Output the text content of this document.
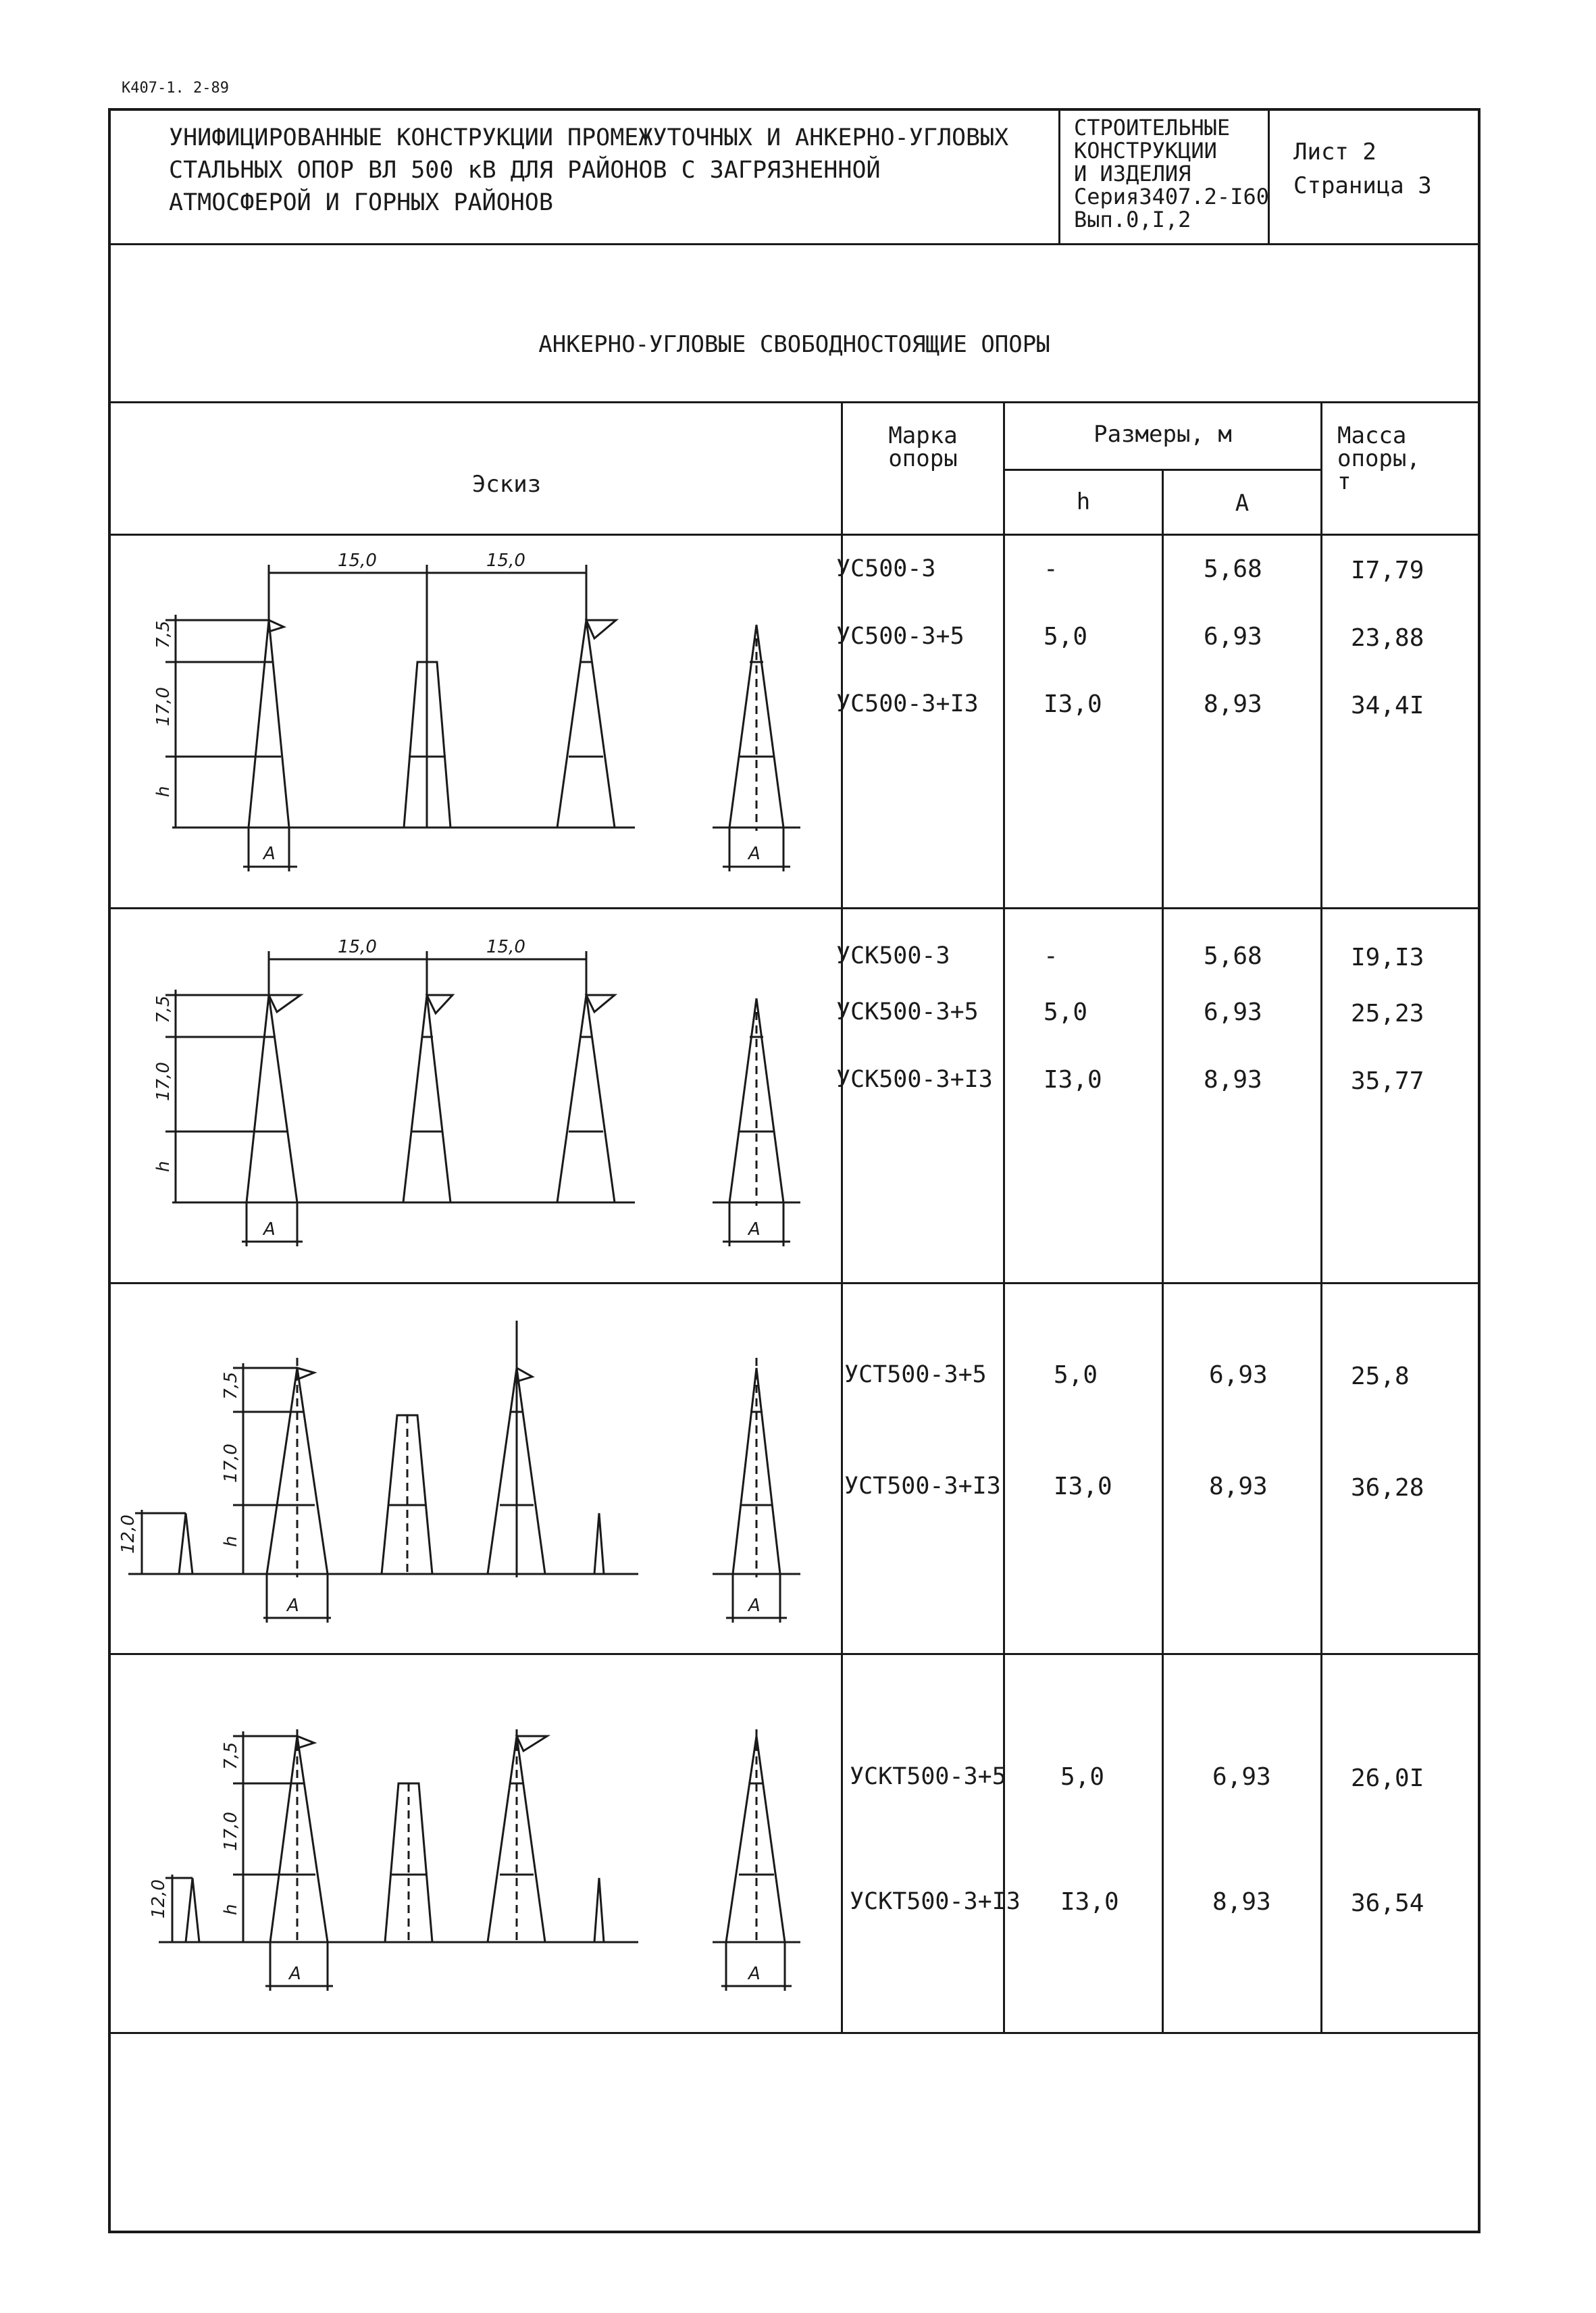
К407-1. 2-89
УНИФИЦИРОВАННЫЕ КОНСТРУКЦИИ ПРОМЕЖУТОЧНЫХ И АНКЕРНО-УГЛОВЫХ
СТАЛЬНЫХ ОПОР ВЛ 500 кВ ДЛЯ РАЙОНОВ С ЗАГРЯЗНЕННОЙ
АТМОСФЕРОЙ И ГОРНЫХ РАЙОНОВ
СТРОИТЕЛЬНЫЕ
КОНСТРУКЦИИ
И ИЗДЕЛИЯ
Серия3407.2-I60
Вып.0,I,2
Лист 2
Страница 3
АНКЕРНО-УГЛОВЫЕ СВОБОДНОСТОЯЩИЕ ОПОРЫ
Эскиз
Марка
опоры
Размеры, м
h	А
Масса
опоры,
т
УС500-3	-	5,68	I7,79
УС500-3+5	5,0	6,93	23,88
УС500-3+I3	I3,0	8,93	34,4I
УСК500-3	-	5,68	I9,I3
УСК500-3+5	5,0	6,93	25,23
УСК500-3+I3 I3,0	8,93	35,77
УСТ500-3+5	5,0	6,93	25,8
УСТ500-3+I3 I3,0	8,93	36,28
УСКТ500-3+5 5,0	6,93	26,0I
УСКТ500-3+I3 I3,0	8,93	36,54
15,0	15,0
7,5
17,0
h
A	A
15,0	15,0
7,5
17,0
h
A	A
12,0
7,5
17,0
h
A	A
12,0
7,5
17,0
h
A	A
